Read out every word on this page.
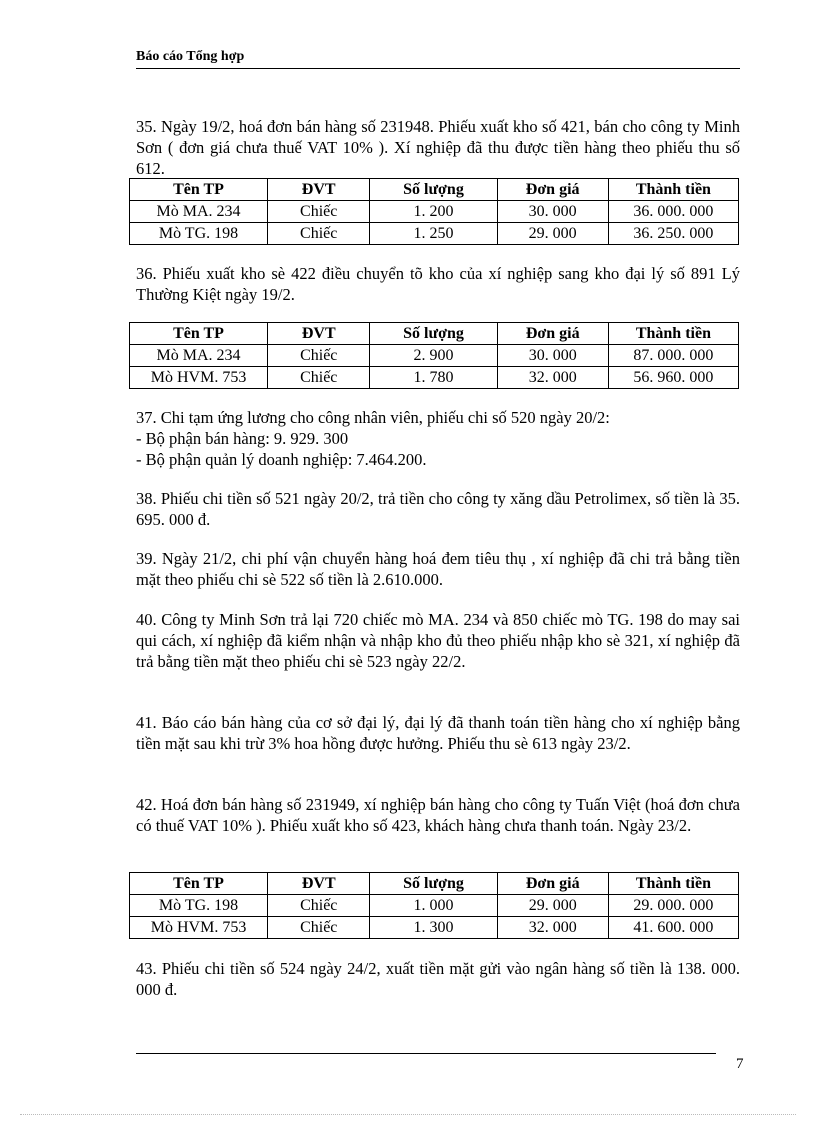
Báo cáo Tổng hợp

35. Ngày 19/2, hoá đơn bán hàng số 231948. Phiếu xuất kho số 421, bán cho công ty Minh Sơn ( đơn giá chưa thuế VAT 10% ). Xí nghiệp đã thu được tiền hàng theo phiếu thu số 612.

Tên TP	ĐVT	Số lượng	Đơn giá	Thành tiền
Mò MA. 234	Chiếc	1. 200	30. 000	36. 000. 000
Mò TG. 198	Chiếc	1. 250	29. 000	36. 250. 000

36. Phiếu xuất kho sè 422 điều chuyển tõ kho của xí nghiệp sang kho đại lý số 891 Lý Thường Kiệt ngày 19/2.

Tên TP	ĐVT	Số lượng	Đơn giá	Thành tiền
Mò MA. 234	Chiếc	2. 900	30. 000	87. 000. 000
Mò HVM. 753	Chiếc	1. 780	32. 000	56. 960. 000

37. Chi tạm ứng lương cho công nhân viên, phiếu chi số 520 ngày 20/2:

- Bộ phận bán hàng: 9. 929. 300

- Bộ phận quản lý doanh nghiệp: 7.464.200.

38. Phiếu chi tiền số 521 ngày 20/2, trả tiền cho công ty xăng dầu Petrolimex, số tiền là 35. 695. 000 đ.

39. Ngày 21/2, chi phí vận chuyển hàng hoá đem tiêu thụ , xí nghiệp đã chi trả bằng tiền mặt theo phiếu chi sè 522 số tiền là 2.610.000.

40. Công ty Minh Sơn trả lại 720 chiếc mò MA. 234 và 850 chiếc mò TG. 198 do may sai qui cách, xí nghiệp đã kiểm nhận và nhập kho đủ theo phiếu nhập kho sè 321, xí nghiệp đã trả bằng tiền mặt theo phiếu chi sè 523 ngày 22/2.

41. Báo cáo bán hàng của cơ sở đại lý, đại lý đã thanh toán tiền hàng cho xí nghiệp bằng tiền mặt sau khi trừ 3% hoa hồng được hưởng. Phiếu thu sè 613 ngày 23/2.

42. Hoá đơn bán hàng số 231949, xí nghiệp bán hàng cho công ty Tuấn Việt (hoá đơn chưa có thuế VAT 10% ). Phiếu xuất kho số 423, khách hàng chưa thanh toán. Ngày 23/2.

Tên TP	ĐVT	Số lượng	Đơn giá	Thành tiền
Mò TG. 198	Chiếc	1. 000	29. 000	29. 000. 000
Mò HVM. 753	Chiếc	1. 300	32. 000	41. 600. 000

43. Phiếu chi tiền số 524 ngày 24/2, xuất tiền mặt gửi vào ngân hàng số tiền là 138. 000. 000 đ.

7
